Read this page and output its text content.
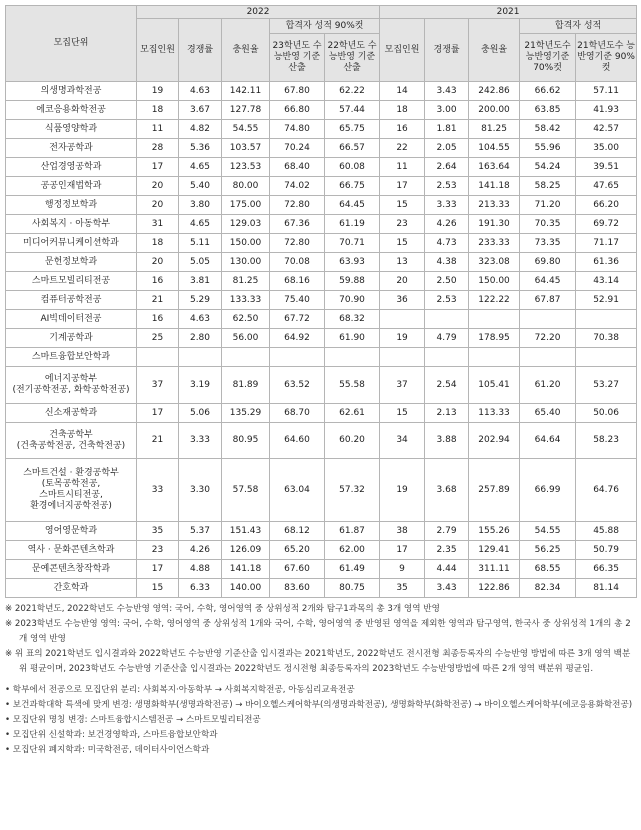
모집단위	2022					2021				
	모집인원	경쟁률	충원율	합격자 성적 90%컷		모집인원	경쟁률	충원율	합격자 성적	
				23학년도 수능반영 기준산출	22학년도 수능반영 기준산출				21학년도수 능반영기준 70%컷	21학년도수 능반영기준 90%컷
의생명과학전공	19	4.63	142.11	67.80	62.22	14	3.43	242.86	66.62	57.11
에코응용화학전공	18	3.67	127.78	66.80	57.44	18	3.00	200.00	63.85	41.93
식품영양학과	11	4.82	54.55	74.80	65.75	16	1.81	81.25	58.42	42.57
전자공학과	28	5.36	103.57	70.24	66.57	22	2.05	104.55	55.96	35.00
산업경영공학과	17	4.65	123.53	68.40	60.08	11	2.64	163.64	54.24	39.51
공공인재법학과	20	5.40	80.00	74.02	66.75	17	2.53	141.18	58.25	47.65
행정정보학과	20	3.80	175.00	72.80	64.45	15	3.33	213.33	71.20	66.20
사회복지 · 아동학부	31	4.65	129.03	67.36	61.19	23	4.26	191.30	70.35	69.72
미디어커뮤니케이션학과	18	5.11	150.00	72.80	70.71	15	4.73	233.33	73.35	71.17
문헌정보학과	20	5.05	130.00	70.08	63.93	13	4.38	323.08	69.80	61.36
스마트모빌리티전공	16	3.81	81.25	68.16	59.88	20	2.50	150.00	64.45	43.14
컴퓨터공학전공	21	5.29	133.33	75.40	70.90	36	2.53	122.22	67.87	52.91
AI빅데이터전공	16	4.63	62.50	67.72	68.32					
기계공학과	25	2.80	56.00	64.92	61.90	19	4.79	178.95	72.20	70.38
스마트융합보안학과										
에너지공학부
(전기공학전공, 화학공학전공)	37	3.19	81.89	63.52	55.58	37	2.54	105.41	61.20	53.27
신소재공학과	17	5.06	135.29	68.70	62.61	15	2.13	113.33	65.40	50.06
건축공학부
(건축공학전공, 건축학전공)	21	3.33	80.95	64.60	60.20	34	3.88	202.94	64.64	58.23
스마트건설 · 환경공학부
(토목공학전공,
스마트시티전공,
환경에너지공학전공)	33	3.30	57.58	63.04	57.32	19	3.68	257.89	66.99	64.76
영어영문학과	35	5.37	151.43	68.12	61.87	38	2.79	155.26	54.55	45.88
역사 · 문화콘텐츠학과	23	4.26	126.09	65.20	62.00	17	2.35	129.41	56.25	50.79
문예콘텐츠창작학과	17	4.88	141.18	67.60	61.49	9	4.44	311.11	68.55	66.35
간호학과	15	6.33	140.00	83.60	80.75	35	3.43	122.86	82.34	81.14

※ 2021학년도, 2022학년도 수능반영 영역: 국어, 수학, 영어영역 중 상위성적 2개와 탐구1과목의 총 3개 영역 반영

※ 2023학년도 수능반영 영역: 국어, 수학, 영어영역 중 상위성적 1개와 국어, 수학, 영어영역 중 반영된 영역을 제외한 영역과 탐구영역, 한국사 중 상위성적 1개의 총 2개 영역 반영

※ 위 표의 2021학년도 입시결과와 2022학년도 수능반영 기준산출 입시결과는 2021학년도, 2022학년도 전시전형 최종등록자의 수능반영 방법에 따른 3개 영역 백분위 평균이며, 2023학년도 수능반영 기준산출 입시결과는 2022학년도 정시전형 최종등록자의 2023학년도 수능반영방법에 따른 2개 영역 백분위 평균임.

• 학부에서 전공으로 모집단위 분리: 사회복지·아동학부 → 사회복지학전공, 아동심리교육전공

• 보건과학대학 특색에 맞게 변경: 생명화학부(생명과학전공) → 바이오헬스케어학부(의생명과학전공), 생명화학부(화학전공) → 바이오헬스케어학부(에코응용화학전공)

• 모집단위 명칭 변경: 스마트융합시스템전공 → 스마트모빌리티전공

• 모집단위 신설학과: 보건경영학과, 스마트융합보안학과

• 모집단위 폐지학과: 미국학전공, 데이터사이언스학과
